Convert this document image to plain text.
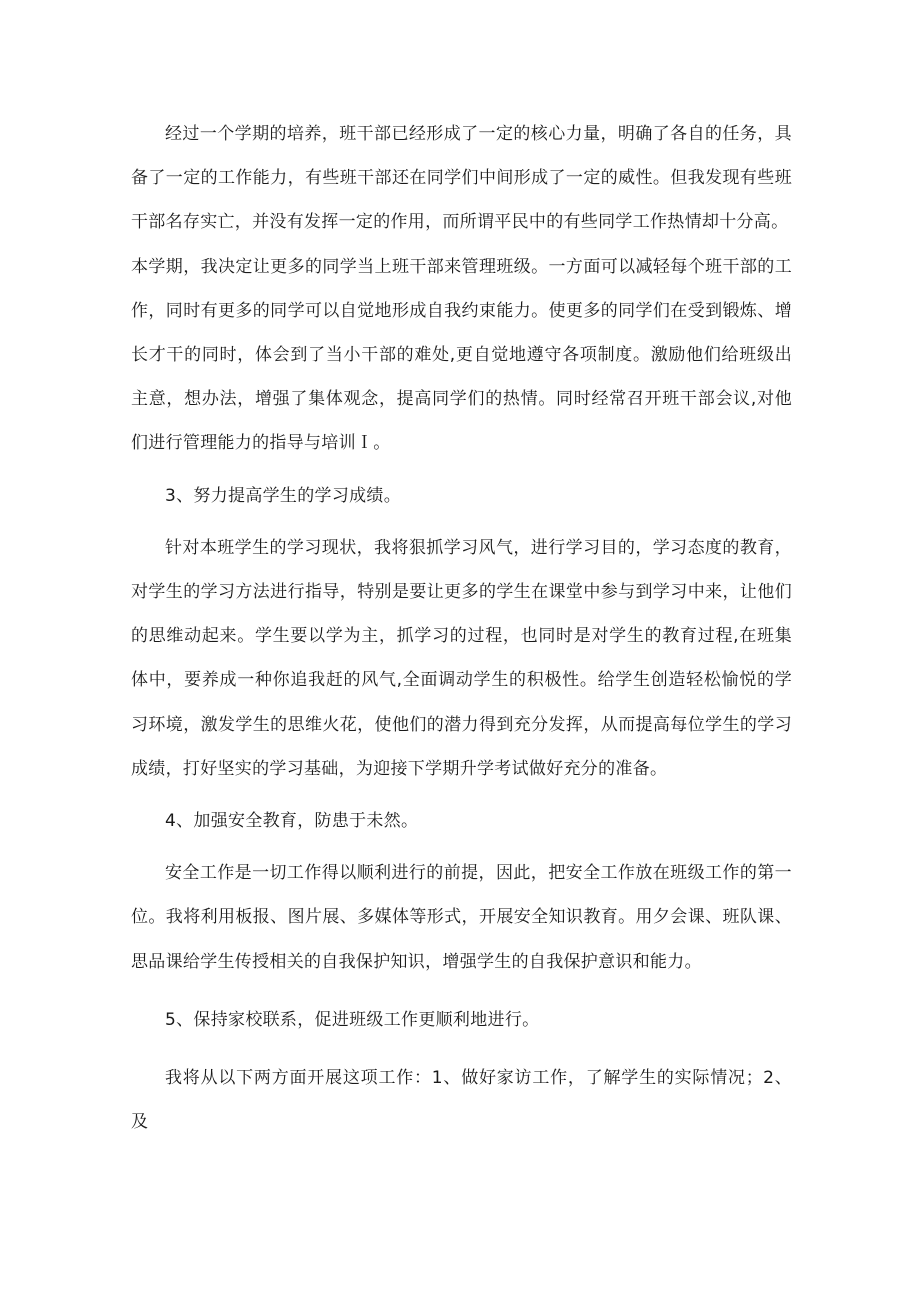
经过一个学期的培养，班干部已经形成了一定的核心力量，明确了各自的任务，具备了一定的工作能力，有些班干部还在同学们中间形成了一定的威性。但我发现有些班干部名存实亡，并没有发挥一定的作用，而所谓平民中的有些同学工作热情却十分高。

本学期，我决定让更多的同学当上班干部来管理班级。一方面可以减轻每个班干部的工作，同时有更多的同学可以自觉地形成自我约束能力。使更多的同学们在受到锻炼、增长才干的同时，体会到了当小干部的难处,更自觉地遵守各项制度。激励他们给班级出主意，想办法，增强了集体观念，提高同学们的热情。同时经常召开班干部会议,对他们进行管理能力的指导与培训Ｉ。

3、努力提高学生的学习成绩。

针对本班学生的学习现状，我将狠抓学习风气，进行学习目的，学习态度的教育，对学生的学习方法进行指导，特别是要让更多的学生在课堂中参与到学习中来，让他们的思维动起来。学生要以学为主，抓学习的过程，也同时是对学生的教育过程,在班集体中，要养成一种你追我赶的风气,全面调动学生的积极性。给学生创造轻松愉悦的学习环境，激发学生的思维火花，使他们的潜力得到充分发挥，从而提高每位学生的学习成绩，打好坚实的学习基础，为迎接下学期升学考试做好充分的准备。

4、加强安全教育，防患于未然。

安全工作是一切工作得以顺利进行的前提，因此，把安全工作放在班级工作的第一位。我将利用板报、图片展、多媒体等形式，开展安全知识教育。用夕会课、班队课、思品课给学生传授相关的自我保护知识，增强学生的自我保护意识和能力。

5、保持家校联系，促进班级工作更顺利地进行。

我将从以下两方面开展这项工作：1、做好家访工作，了解学生的实际情况；2、及
